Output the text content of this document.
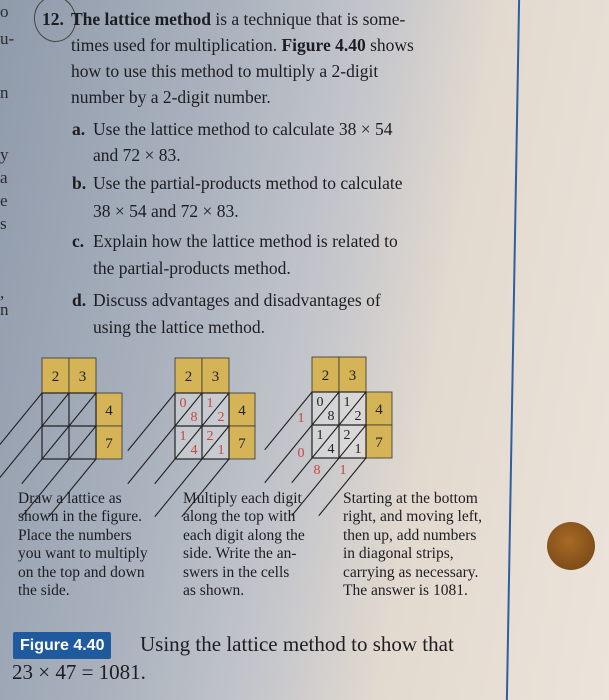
o
u-
n
y
a
e
s
,
n
12. The lattice method is a technique that is some-
times used for multiplication. Figure 4.40 shows
how to use this method to multiply a 2-digit
number by a 2-digit number.
a. Use the lattice method to calculate 38 × 54
and 72 × 83.
b. Use the partial-products method to calculate
38 × 54 and 72 × 83.
c. Explain how the lattice method is related to
the partial-products method.
d. Discuss advantages and disadvantages of
using the lattice method.
2 3
4
7
2 3
4
7
0
8
1
2
1
4
2
1
2 3
4
7
0
8
1
2
1
4
2
1
1
0
8 1
Draw a lattice as
shown in the figure.
Place the numbers
you want to multiply
on the top and down
the side.
Multiply each digit
along the top with
each digit along the
side. Write the an-
swers in the cells
as shown.
Starting at the bottom
right, and moving left,
then up, add numbers
in diagonal strips,
carrying as necessary.
The answer is 1081.
Figure 4.40	Using the lattice method to show that
23 × 47 = 1081.
